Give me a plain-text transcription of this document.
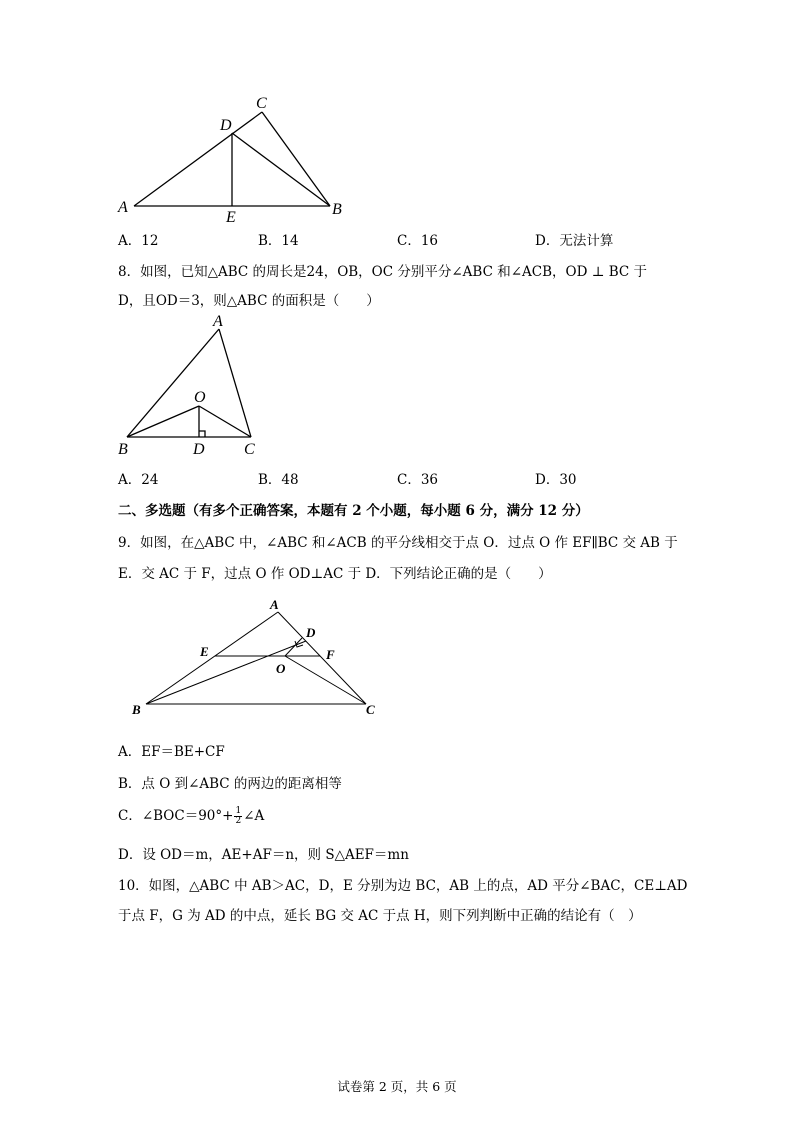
A	B
C
D
E
A．12	B．14	C．16	D．无法计算
8．如图，已知△ABC 的周长是24，OB，OC 分别平分∠ABC 和∠ACB，OD ⊥ BC 于
D，且OD＝3，则△ABC 的面积是（　　）
A
O
B	D C
A．24	B．48	C．36	D．30
二、多选题（有多个正确答案，本题有 2 个小题，每小题 6 分，满分 12 分）
9．如图，在△ABC 中，∠ABC 和∠ACB 的平分线相交于点 O．过点 O 作 EF∥BC 交 AB 于
E．交 AC 于 F，过点 O 作 OD⊥AC 于 D．下列结论正确的是（　　）
A
D
E	F
O
B	C
A．EF＝BE+CF
B．点 O 到∠ABC 的两边的距离相等
C．∠BOC＝90°+ $\frac{1}{2}$ ∠A
D．设 OD＝m，AE+AF＝n，则 S△AEF＝mn
10．如图，△ABC 中 AB＞AC，D，E 分别为边 BC，AB 上的点，AD 平分∠BAC，CE⊥AD
于点 F，G 为 AD 的中点，延长 BG 交 AC 于点 H，则下列判断中正确的结论有（　）
试卷第 2 页，共 6 页
